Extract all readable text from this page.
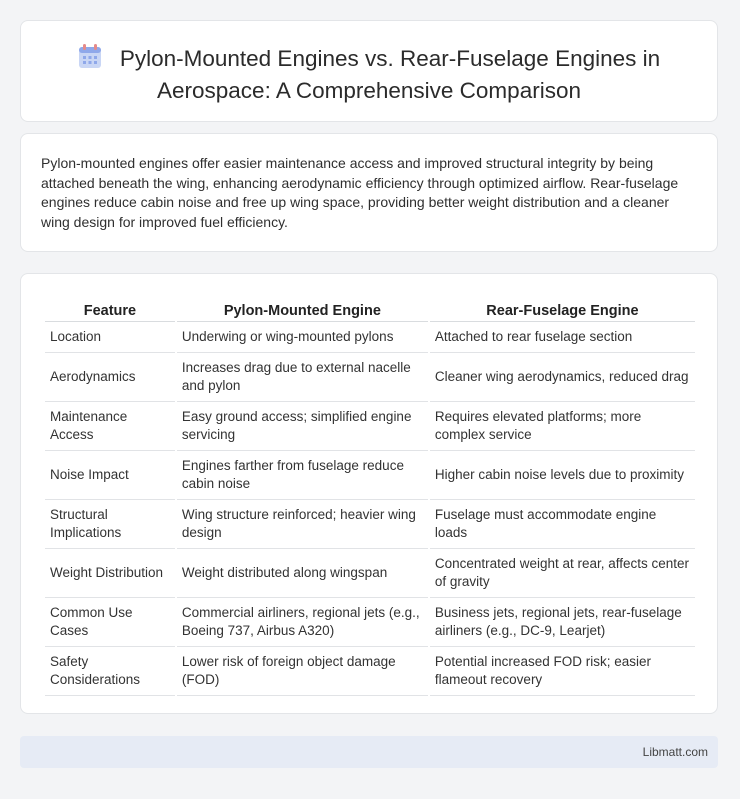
Pylon-Mounted Engines vs. Rear-Fuselage Engines in Aerospace: A Comprehensive Comparison

Pylon-mounted engines offer easier maintenance access and improved structural integrity by being attached beneath the wing, enhancing aerodynamic efficiency through optimized airflow. Rear-fuselage engines reduce cabin noise and free up wing space, providing better weight distribution and a cleaner wing design for improved fuel efficiency.

Feature	Pylon-Mounted Engine	Rear-Fuselage Engine
Location	Underwing or wing-mounted pylons	Attached to rear fuselage section
Aerodynamics	Increases drag due to external nacelle and pylon	Cleaner wing aerodynamics, reduced drag
Maintenance Access	Easy ground access; simplified engine servicing	Requires elevated platforms; more complex service
Noise Impact	Engines farther from fuselage reduce cabin noise	Higher cabin noise levels due to proximity
Structural Implications	Wing structure reinforced; heavier wing design	Fuselage must accommodate engine loads
Weight Distribution	Weight distributed along wingspan	Concentrated weight at rear, affects center of gravity
Common Use Cases	Commercial airliners, regional jets (e.g., Boeing 737, Airbus A320)	Business jets, regional jets, rear-fuselage airliners (e.g., DC-9, Learjet)
Safety Considerations	Lower risk of foreign object damage (FOD)	Potential increased FOD risk; easier flameout recovery
Libmatt.com
